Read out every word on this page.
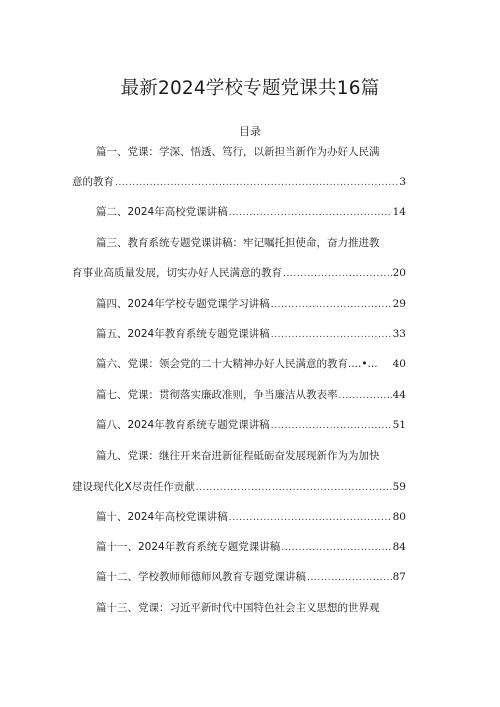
最新2024学校专题党课共16篇
目录
篇一、党课：学深、悟透、笃行，以新担当新作为办好人民满
意的教育 .....	3
篇二、2024年高校党课讲稿 .....	14
篇三、教育系统专题党课讲稿：牢记嘱托担使命，奋力推进教
育事业高质量发展，切实办好人民满意的教育 .....	20
篇四、2024年学校专题党课学习讲稿 .....	29
篇五、2024年教育系统专题党课讲稿 .....	33
篇六、党课：领会党的二十大精神办好人民满意的教育....•... 40
篇七、党课：贯彻落实廉政准则，争当廉洁从教表率 .....	44
篇八、2024年教育系统专题党课讲稿 .....	51
篇九、党课：继往开来奋进新征程砥砺奋发展现新作为为加快
建设现代化X尽责任作贡献 .....	59
篇十、2024年高校党课讲稿 .....	80
篇十一、2024年教育系统专题党课讲稿 .....	84
篇十二、学校教师师德师风教育专题党课讲稿 .....	87
篇十三、党课：习近平新时代中国特色社会主义思想的世界观
